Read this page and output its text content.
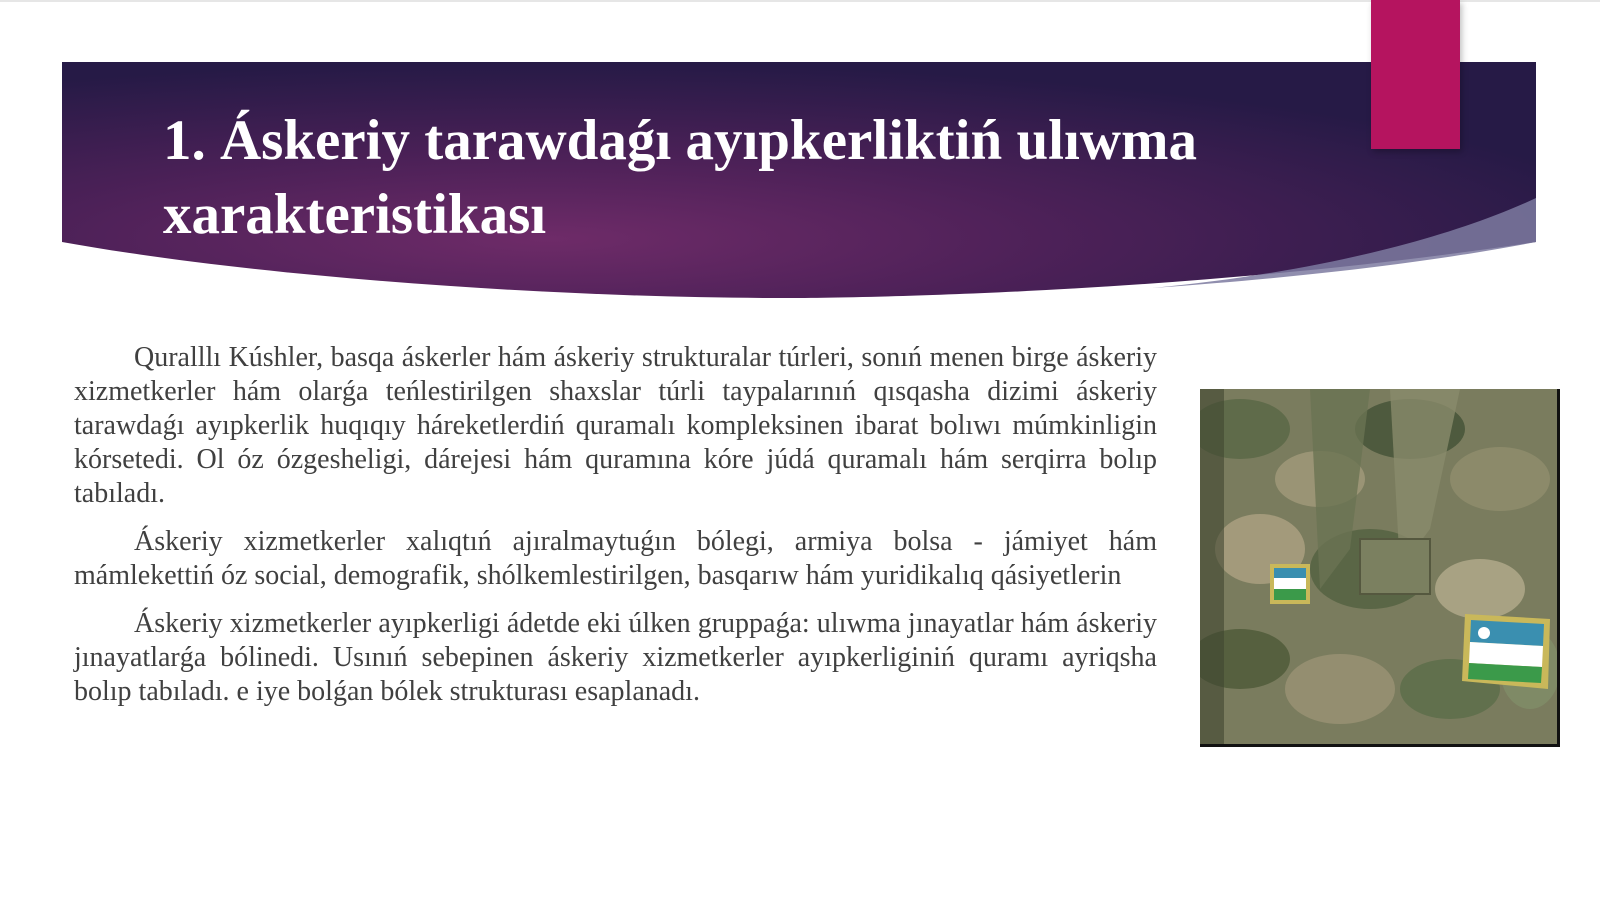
1. Áskeriy tarawdaǵı ayıpkerliktiń ulıwma xarakteristikası

Quralllı Kúshler, basqa áskerler hám áskeriy strukturalar túrleri, sonıń menen birge áskeriy xizmetkerler hám olarǵa teńlestirilgen shaxslar túrli taypalarınıń qısqasha dizimi áskeriy tarawdaǵı ayıpkerlik huqıqıy háreketlerdiń quramalı kompleksinen ibarat bolıwı múmkinligin kórsetedi. Ol óz ózgesheligi, dárejesi hám quramına kóre júdá quramalı hám serqirra bolıp tabıladı.

Áskeriy xizmetkerler xalıqtıń ajıralmaytuǵın bólegi, armiya bolsa - jámiyet hám mámlekettiń óz social, demografik, shólkemlestirilgen, basqarıw hám yuridikalıq qásiyetlerin

Áskeriy xizmetkerler ayıpkerligi ádetde eki úlken gruppaǵa: ulıwma jınayatlar hám áskeriy jınayatlarǵa bólinedi. Usınıń sebepinen áskeriy xizmetkerler ayıpkerliginiń quramı ayriqsha bolıp tabıladı. e iye bolǵan bólek strukturası esaplanadı.
